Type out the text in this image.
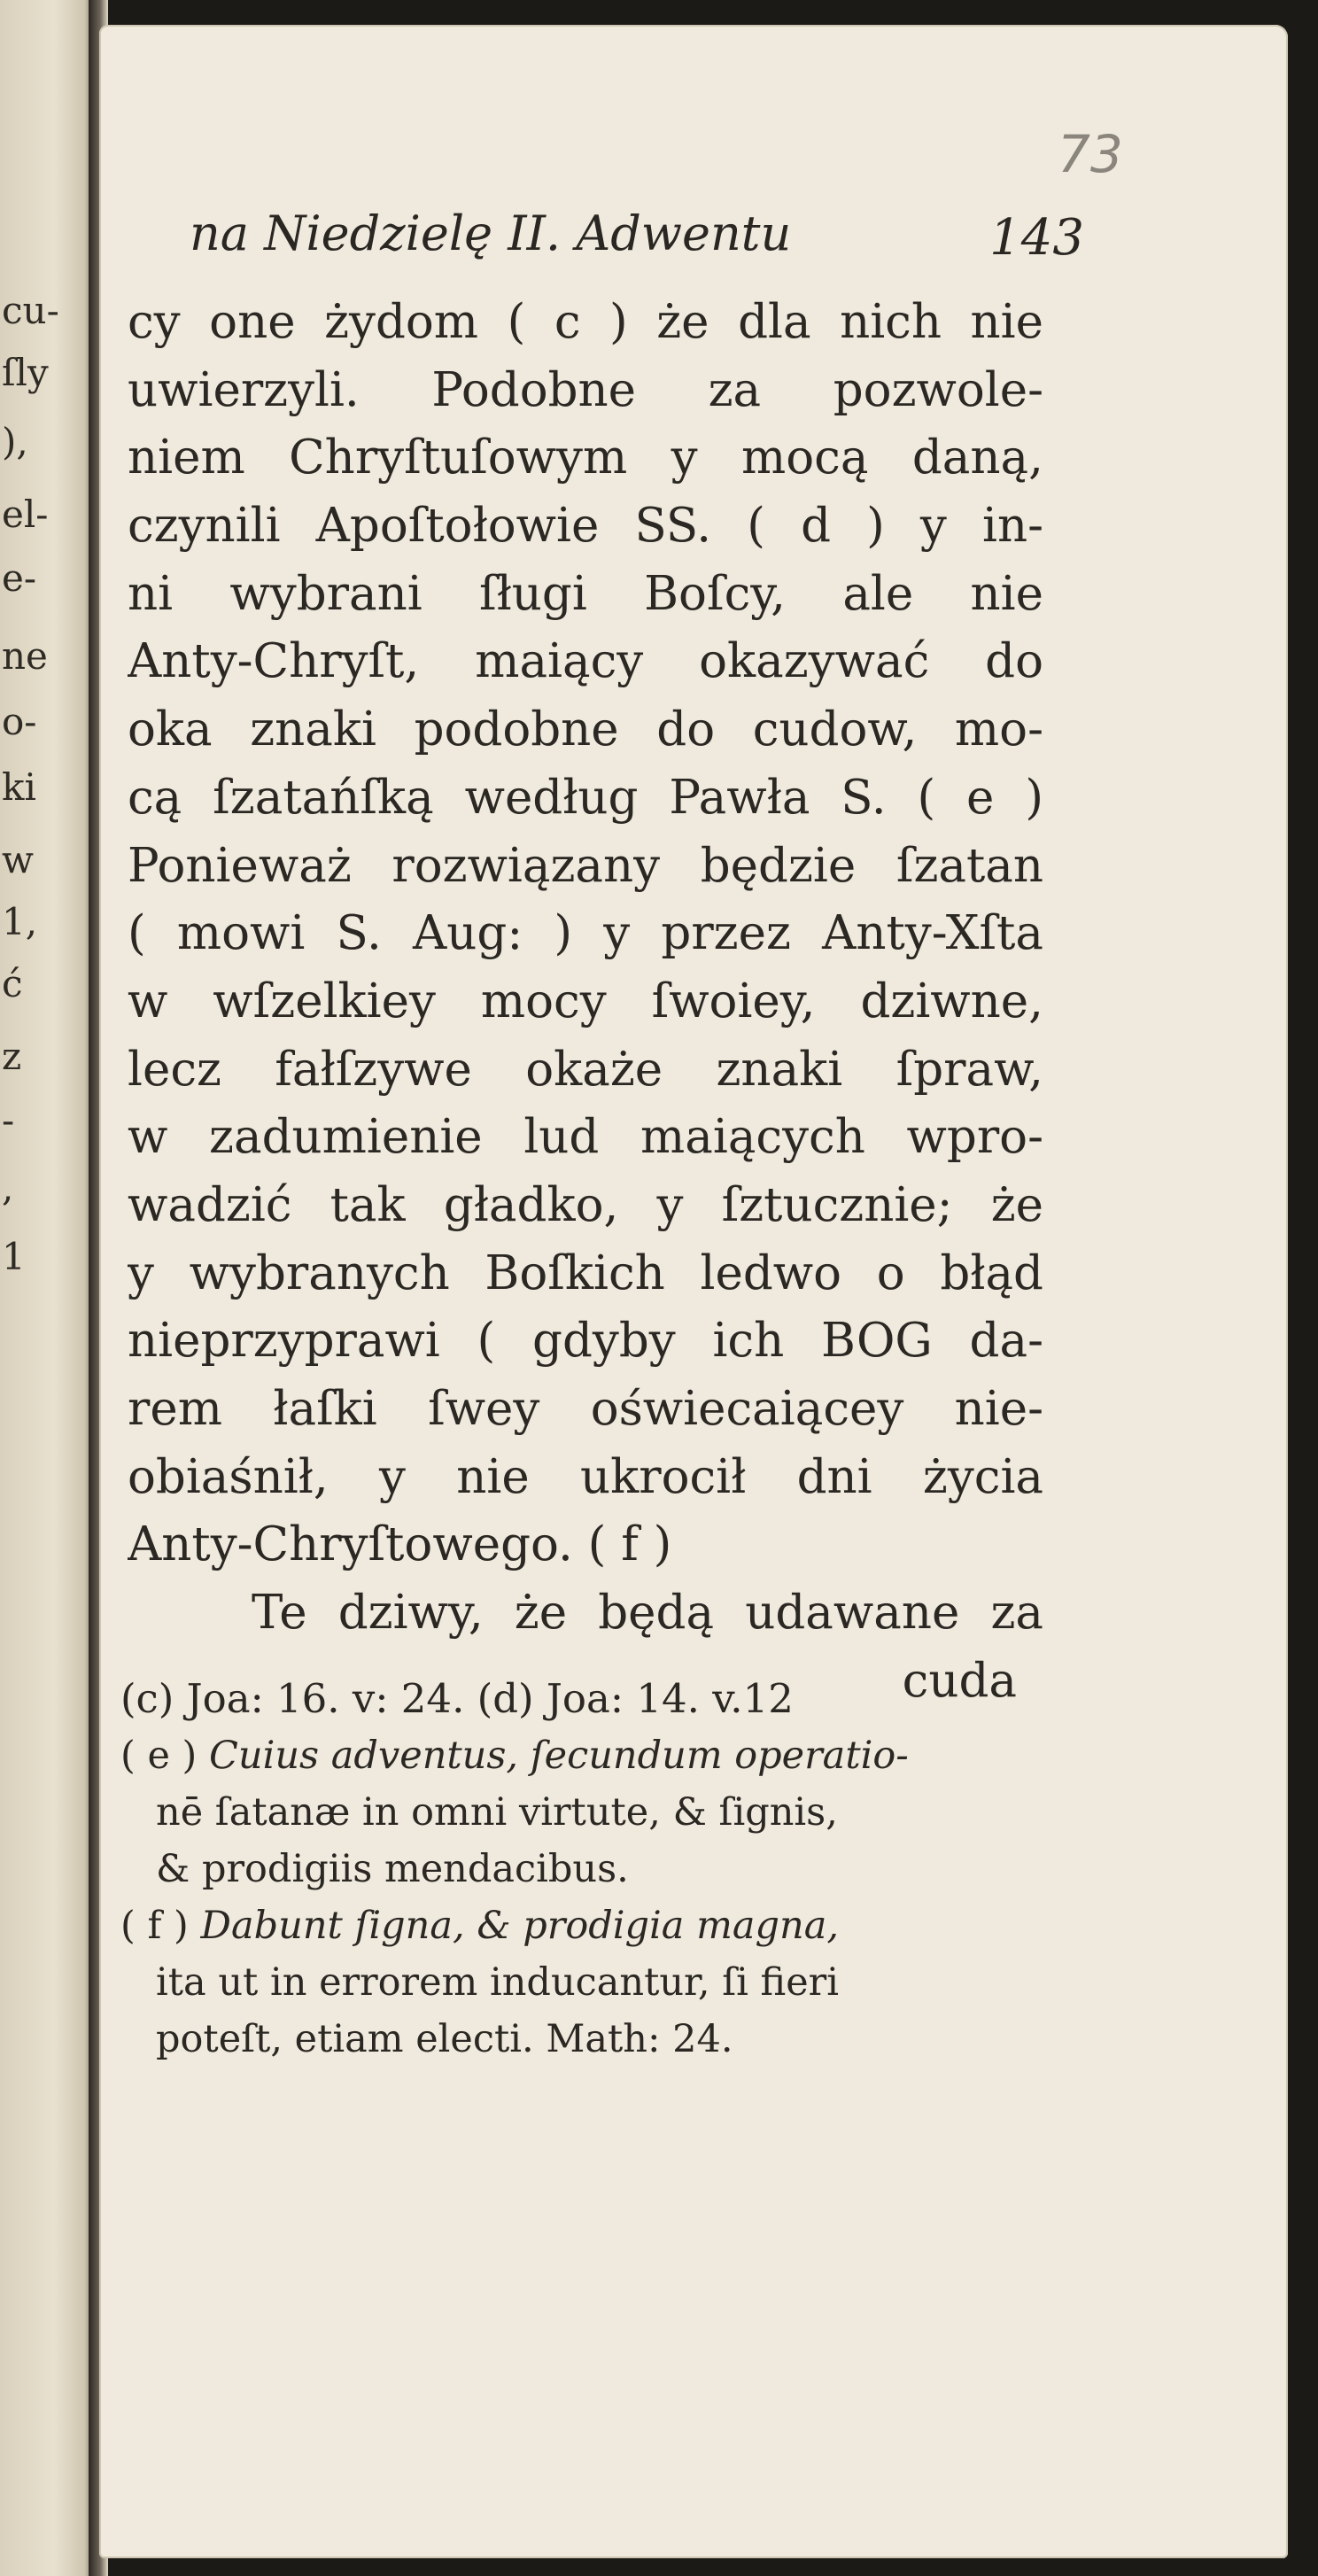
cu-
ſly
),
el-
e-
ne
o-
ki
w
1,
ć
z
-
,
1
73
na Niedzielę II. Adwentu	143
cy one żydom ( c ) że dla nich nie
uwierzyli. Podobne za pozwole-
niem Chryſtuſowym y mocą daną,
czynili Apoſtołowie SS. ( d ) y in-
ni wybrani ſługi Boſcy, ale nie
Anty-Chryſt, maiący okazywać do
oka znaki podobne do cudow, mo-
cą ſzatańſką według Pawła S. ( e )
Ponieważ rozwiązany będzie ſzatan
( mowi S. Aug: ) y przez Anty-Xſta
w wſzelkiey mocy ſwoiey, dziwne,
lecz fałſzywe okaże znaki ſpraw,
w zadumienie lud maiących wpro-
wadzić tak gładko, y ſztucznie; że
y wybranych Boſkich ledwo o błąd
nieprzyprawi ( gdyby ich BOG da-
rem łaſki ſwey oświecaiącey nie-
obiaśnił, y nie ukrocił dni życia
Anty-Chryſtowego. ( f )
Te dziwy, że będą udawane za
cuda
(c) Joa: 16. v: 24. (d) Joa: 14. v.12
( e ) Cuius adventus, ſecundum operatio-
nē ſatanæ in omni virtute, & ſignis,
& prodigiis mendacibus.
( f ) Dabunt ſigna, & prodigia magna,
ita ut in errorem inducantur, ſi fieri
poteſt, etiam electi. Math: 24.
